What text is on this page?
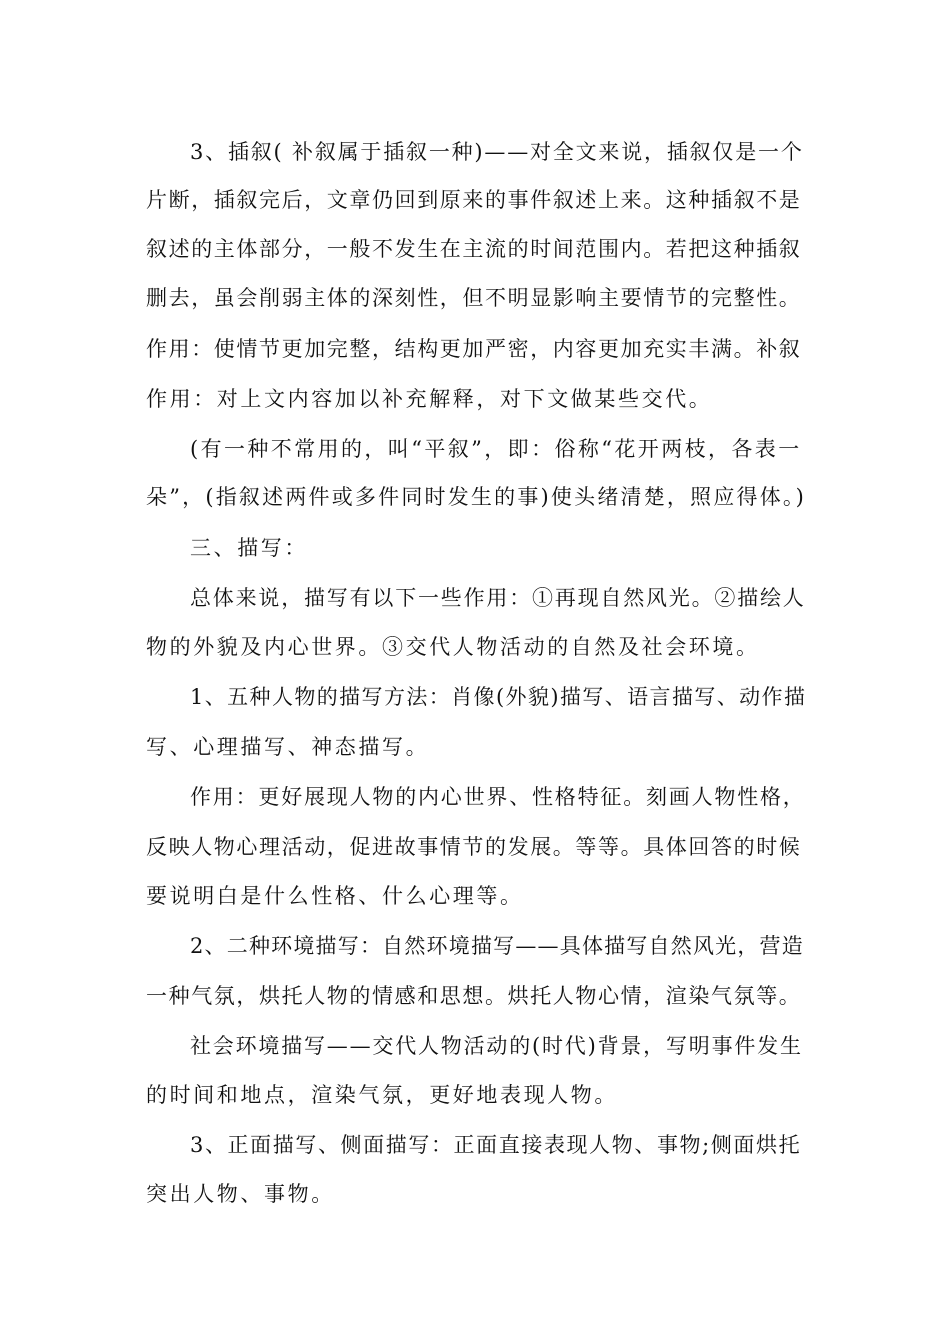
3、插叙( 补叙属于插叙一种)——对全文来说，插叙仅是一个

片断，插叙完后，文章仍回到原来的事件叙述上来。这种插叙不是

叙述的主体部分，一般不发生在主流的时间范围内。若把这种插叙

删去，虽会削弱主体的深刻性，但不明显影响主要情节的完整性。

作用：使情节更加完整，结构更加严密，内容更加充实丰满。补叙

作用：对上文内容加以补充解释，对下文做某些交代。

(有一种不常用的，叫“平叙”，即：俗称“花开两枝，各表一

朵”，(指叙述两件或多件同时发生的事)使头绪清楚，照应得体。)

三、描写：

总体来说，描写有以下一些作用：①再现自然风光。②描绘人

物的外貌及内心世界。③交代人物活动的自然及社会环境。

1、五种人物的描写方法：肖像(外貌)描写、语言描写、动作描

写、心理描写、神态描写。

作用：更好展现人物的内心世界、性格特征。刻画人物性格，

反映人物心理活动，促进故事情节的发展。等等。具体回答的时候

要说明白是什么性格、什么心理等。

2、二种环境描写：自然环境描写——具体描写自然风光，营造

一种气氛，烘托人物的情感和思想。烘托人物心情，渲染气氛等。

社会环境描写——交代人物活动的(时代)背景，写明事件发生

的时间和地点，渲染气氛，更好地表现人物。

3、正面描写、侧面描写：正面直接表现人物、事物;侧面烘托

突出人物、事物。
